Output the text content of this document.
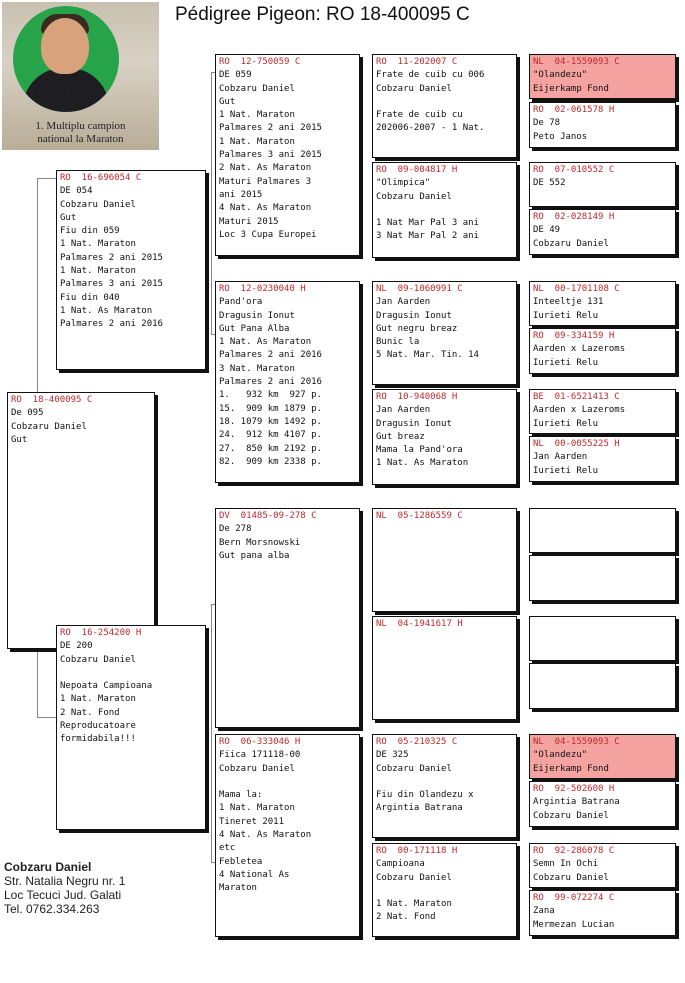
Pédigree Pigeon: RO 18-400095 C
Cobzaru Daniel
1. Multiplu campion
national la Maraton
RO  18-400095 C
De 095
Cobzaru Daniel
Gut
RO  16-696054 C
DE 054
Cobzaru Daniel
Gut
Fiu din 059
1 Nat. Maraton
Palmares 2 ani 2015
1 Nat. Maraton
Palmares 3 ani 2015
Fiu din 040
1 Nat. As Maraton
Palmares 2 ani 2016
RO  16-254200 H
DE 200
Cobzaru Daniel

Nepoata Campioana
1 Nat. Maraton
2 Nat. Fond
Reproducatoare
formidabila!!!
RO  12-750059 C
DE 059
Cobzaru Daniel
Gut
1 Nat. Maraton
Palmares 2 ani 2015
1 Nat. Maraton
Palmares 3 ani 2015
2 Nat. As Maraton
Maturi Palmares 3
ani 2015
4 Nat. As Maraton
Maturi 2015
Loc 3 Cupa Europei
RO  12-0230040 H
Pand'ora
Dragusin Ionut
Gut Pana Alba
1 Nat. As Maraton
Palmares 2 ani 2016
3 Nat. Maraton
Palmares 2 ani 2016
1.   932 km  927 p.
15.  909 km 1879 p.
18. 1079 km 1492 p.
24.  912 km 4107 p.
27.  850 km 2192 p.
82.  909 km 2338 p.
DV  01485-09-278 C
De 278
Bern Morsnowski
Gut pana alba
RO  06-333046 H
Fiica 171118-00
Cobzaru Daniel

Mama la:
1 Nat. Maraton
Tineret 2011
4 Nat. As Maraton
etc
Febletea
4 National As
Maraton
RO  11-202007 C
Frate de cuib cu 006
Cobzaru Daniel

Frate de cuib cu
202006-2007 - 1 Nat.
RO  09-004817 H
"Olimpica"
Cobzaru Daniel

1 Nat Mar Pal 3 ani
3 Nat Mar Pal 2 ani
NL  09-1060991 C
Jan Aarden
Dragusin Ionut
Gut negru breaz
Bunic la
5 Nat. Mar. Tin. 14
RO  10-940068 H
Jan Aarden
Dragusin Ionut
Gut breaz
Mama la Pand'ora
1 Nat. As Maraton
NL  05-1286559 C
NL  04-1941617 H
RO  05-210325 C
DE 325
Cobzaru Daniel

Fiu din Olandezu x
Argintia Batrana
RO  00-171118 H
Campioana
Cobzaru Daniel

1 Nat. Maraton
2 Nat. Fond
NL  04-1559093 C
"Olandezu"
Eijerkamp Fond
RO  02-061578 H
De 78
Peto Janos
RO  07-010552 C
DE 552
RO  02-028149 H
DE 49
Cobzaru Daniel
NL  00-1701108 C
Inteeltje 131
Iurieti Relu
RO  09-334159 H
Aarden x Lazeroms
Iurieti Relu
BE  01-6521413 C
Aarden x Lazeroms
Iurieti Relu
NL  00-0055225 H
Jan Aarden
Iurieti Relu

NL  04-1559093 C
"Olandezu"
Eijerkamp Fond
RO  92-502600 H
Argintia Batrana
Cobzaru Daniel
RO  92-286078 C
Semn In Ochi
Cobzaru Daniel
RO  99-072274 C
Zana
Mermezan Lucian
Cobzaru Daniel
Str. Natalia Negru nr. 1
Loc Tecuci Jud. Galati
Tel. 0762.334.263
